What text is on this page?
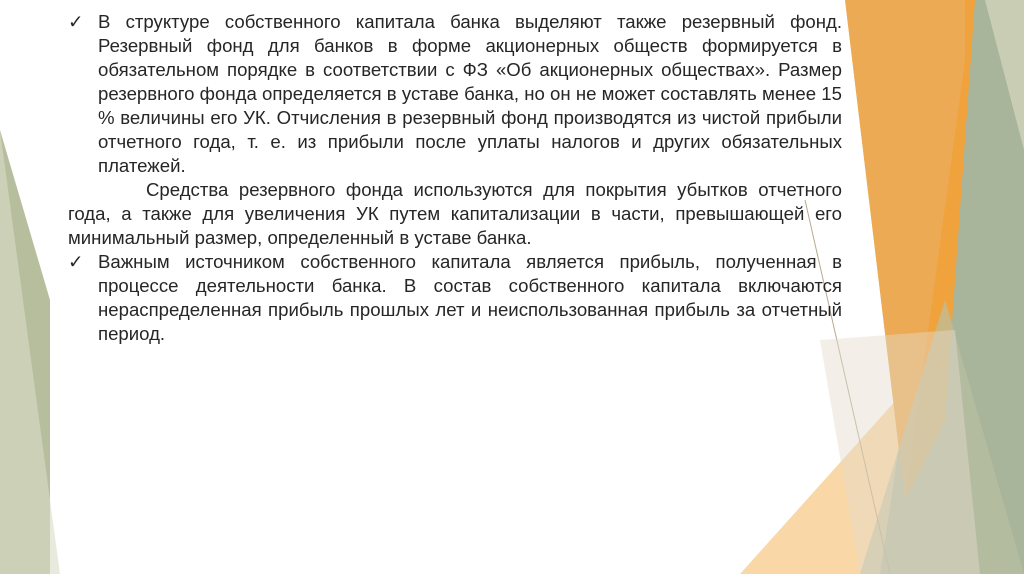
✓ В структуре собственного капитала банка выделяют также резервный фонд. Резервный фонд для банков в форме акционерных обществ формируется в обязательном порядке в соответствии с ФЗ «Об акционерных обществах». Размер резервного фонда определяется в уставе банка, но он не может составлять менее 15 % величины его УК. Отчисления в резервный фонд производятся из чистой прибыли отчетного года, т. е. из прибыли после уплаты налогов и других обязательных платежей.

Средства резервного фонда используются для покрытия убытков отчетного года, а также для увеличения УК путем капитализации в части, превышающей его минимальный размер, определенный в уставе банка.

✓ Важным источником собственного капитала является прибыль, полученная в процессе деятельности банка. В состав собственного капитала включаются нераспределенная прибыль прошлых лет и неиспользованная прибыль за отчетный период.
